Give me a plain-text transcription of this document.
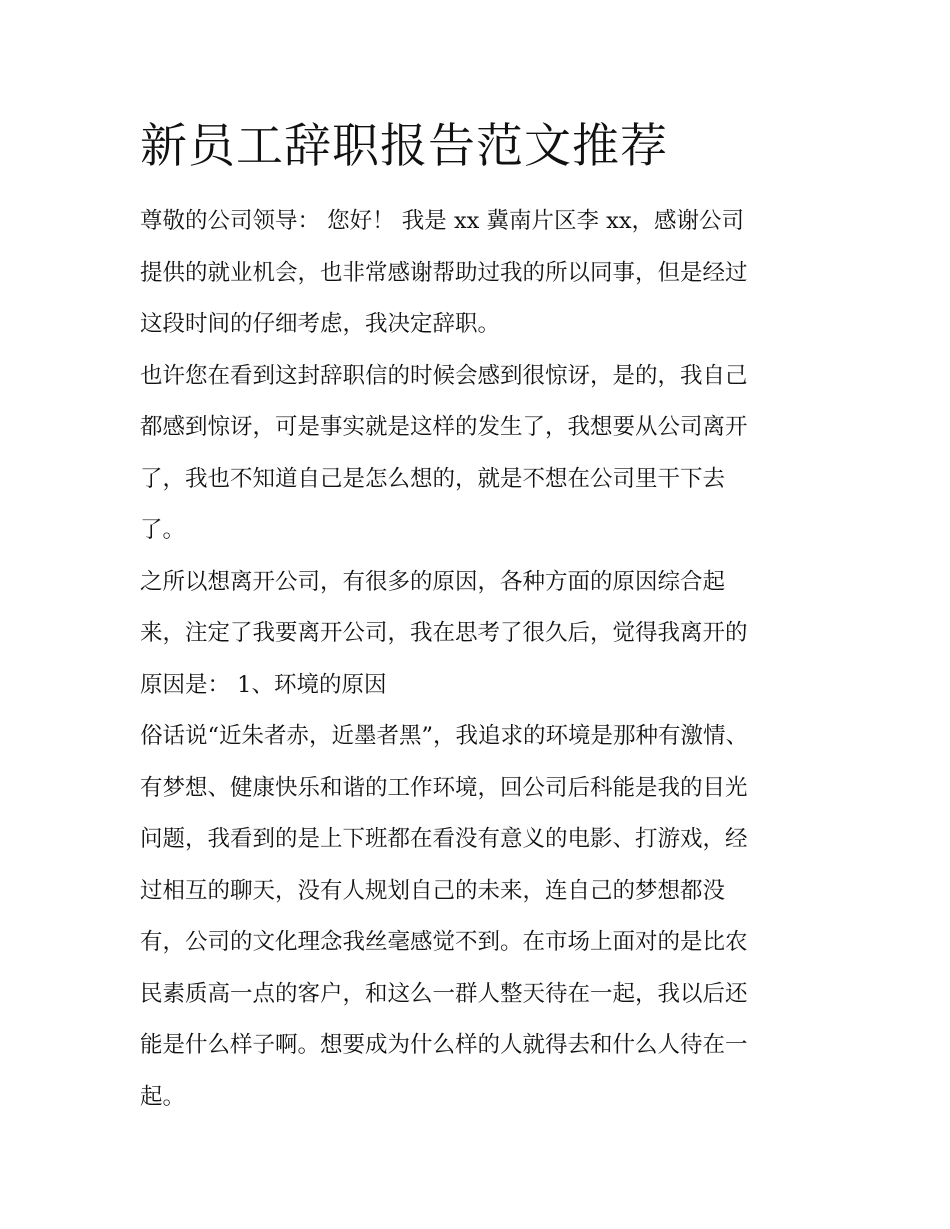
新员工辞职报告范文推荐

尊敬的公司领导： 您好！ 我是 xx 冀南片区李 xx，感谢公司
提供的就业机会，也非常感谢帮助过我的所以同事，但是经过
这段时间的仔细考虑，我决定辞职。

也许您在看到这封辞职信的时候会感到很惊讶，是的，我自己
都感到惊讶，可是事实就是这样的发生了，我想要从公司离开
了，我也不知道自己是怎么想的，就是不想在公司里干下去
了。

之所以想离开公司，有很多的原因，各种方面的原因综合起
来，注定了我要离开公司，我在思考了很久后，觉得我离开的
原因是： 1、环境的原因

俗话说“近朱者赤，近墨者黑”，我追求的环境是那种有激情、
有梦想、健康快乐和谐的工作环境，回公司后科能是我的目光
问题，我看到的是上下班都在看没有意义的电影、打游戏，经
过相互的聊天，没有人规划自己的未来，连自己的梦想都没
有，公司的文化理念我丝毫感觉不到。在市场上面对的是比农
民素质高一点的客户，和这么一群人整天待在一起，我以后还
能是什么样子啊。想要成为什么样的人就得去和什么人待在一
起。
